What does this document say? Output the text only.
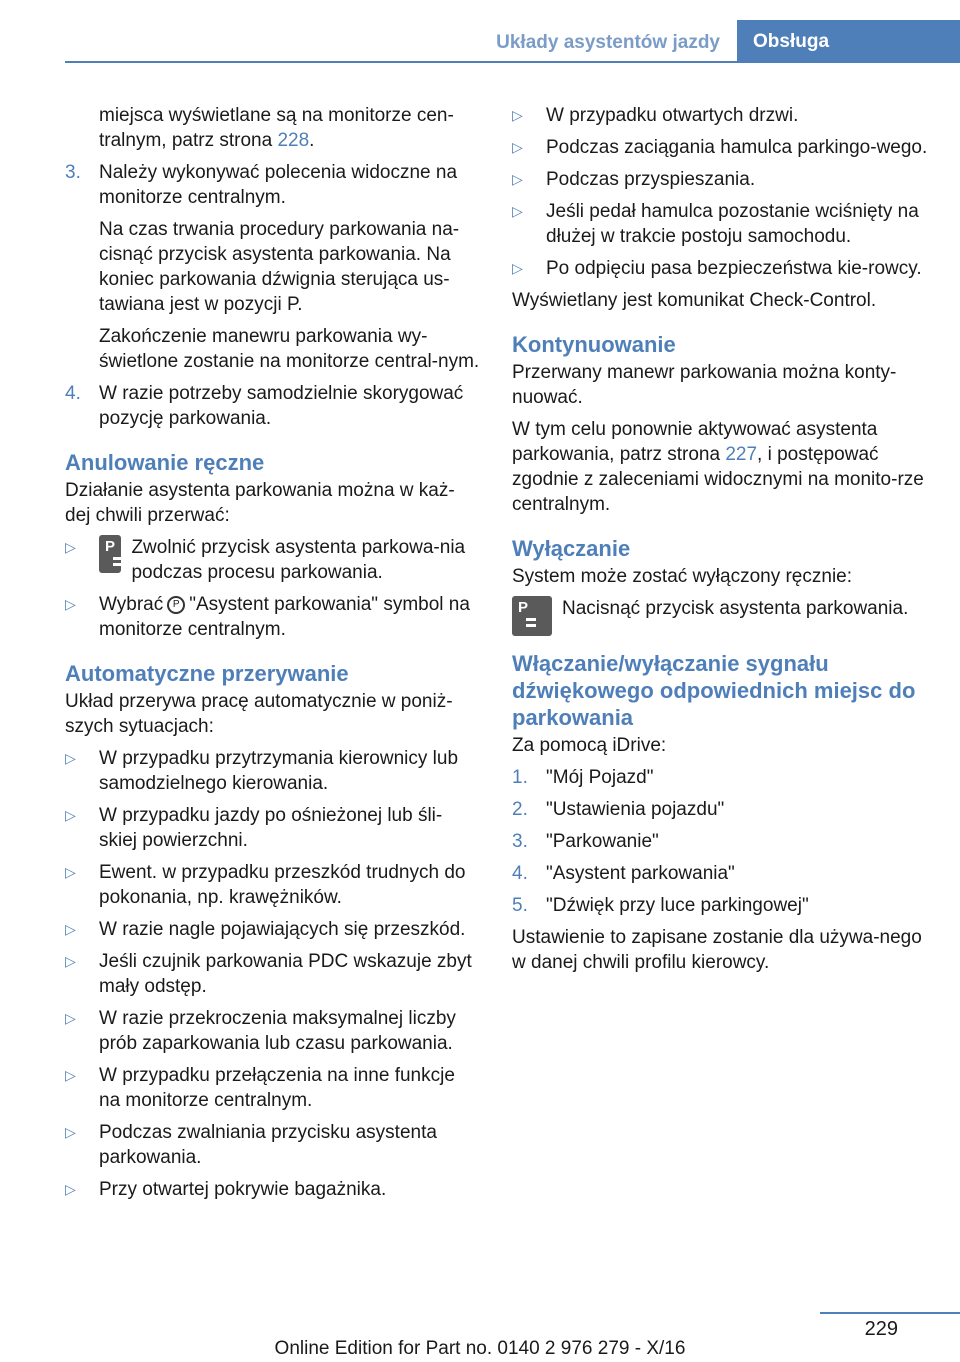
Układy asystentów jazdy Obsługa

miejsca wyświetlane są na monitorze cen-
tralnym, patrz strona 228.

3. Należy wykonywać polecenia widoczne na monitorze centralnym.

Na czas trwania procedury parkowania na-cisnąć przycisk asystenta parkowania. Na koniec parkowania dźwignia sterująca us-tawiana jest w pozycji P.

Zakończenie manewru parkowania wy-świetlone zostanie na monitorze central-nym.

4. W razie potrzeby samodzielnie skorygować pozycję parkowania.

Anulowanie ręczne

Działanie asystenta parkowania można w każ-dej chwili przerwać:

▷
P	Zwolnić przycisk asystenta parkowa-nia podczas procesu parkowania.
▷ Wybrać P "Asystent parkowania" symbol na monitorze centralnym.
Automatyczne przerywanie

Układ przerywa pracę automatycznie w poniż-szych sytuacjach:

▷ W przypadku przytrzymania kierownicy lub samodzielnego kierowania.
▷ W przypadku jazdy po ośnieżonej lub śli-skiej powierzchni.
▷ Ewent. w przypadku przeszkód trudnych do pokonania, np. krawężników.
▷ W razie nagle pojawiających się przeszkód.
▷ Jeśli czujnik parkowania PDC wskazuje zbyt mały odstęp.
▷ W razie przekroczenia maksymalnej liczby prób zaparkowania lub czasu parkowania.
▷ W przypadku przełączenia na inne funkcje na monitorze centralnym.
▷ Podczas zwalniania przycisku asystenta parkowania.
▷ Przy otwartej pokrywie bagażnika.
▷ W przypadku otwartych drzwi.
▷ Podczas zaciągania hamulca parkingo-wego.
▷ Podczas przyspieszania.
▷ Jeśli pedał hamulca pozostanie wciśnięty na dłużej w trakcie postoju samochodu.
▷ Po odpięciu pasa bezpieczeństwa kie-rowcy.

Wyświetlany jest komunikat Check-Control.

Kontynuowanie

Przerwany manewr parkowania można konty-nuować.

W tym celu ponownie aktywować asystenta parkowania, patrz strona 227, i postępować zgodnie z zaleceniami widocznymi na monito-rze centralnym.

Wyłączanie

System może zostać wyłączony ręcznie:

P
Nacisnąć przycisk asystenta parkowania.
Włączanie/wyłączanie sygnału dźwiękowego odpowiednich miejsc do parkowania

Za pomocą iDrive:

1. "Mój Pojazd"
2. "Ustawienia pojazdu"
3. "Parkowanie"
4. "Asystent parkowania"
5. "Dźwięk przy luce parkingowej"

Ustawienie to zapisane zostanie dla używa-nego w danej chwili profilu kierowcy.

229
Online Edition for Part no. 0140 2 976 279 - X/16
